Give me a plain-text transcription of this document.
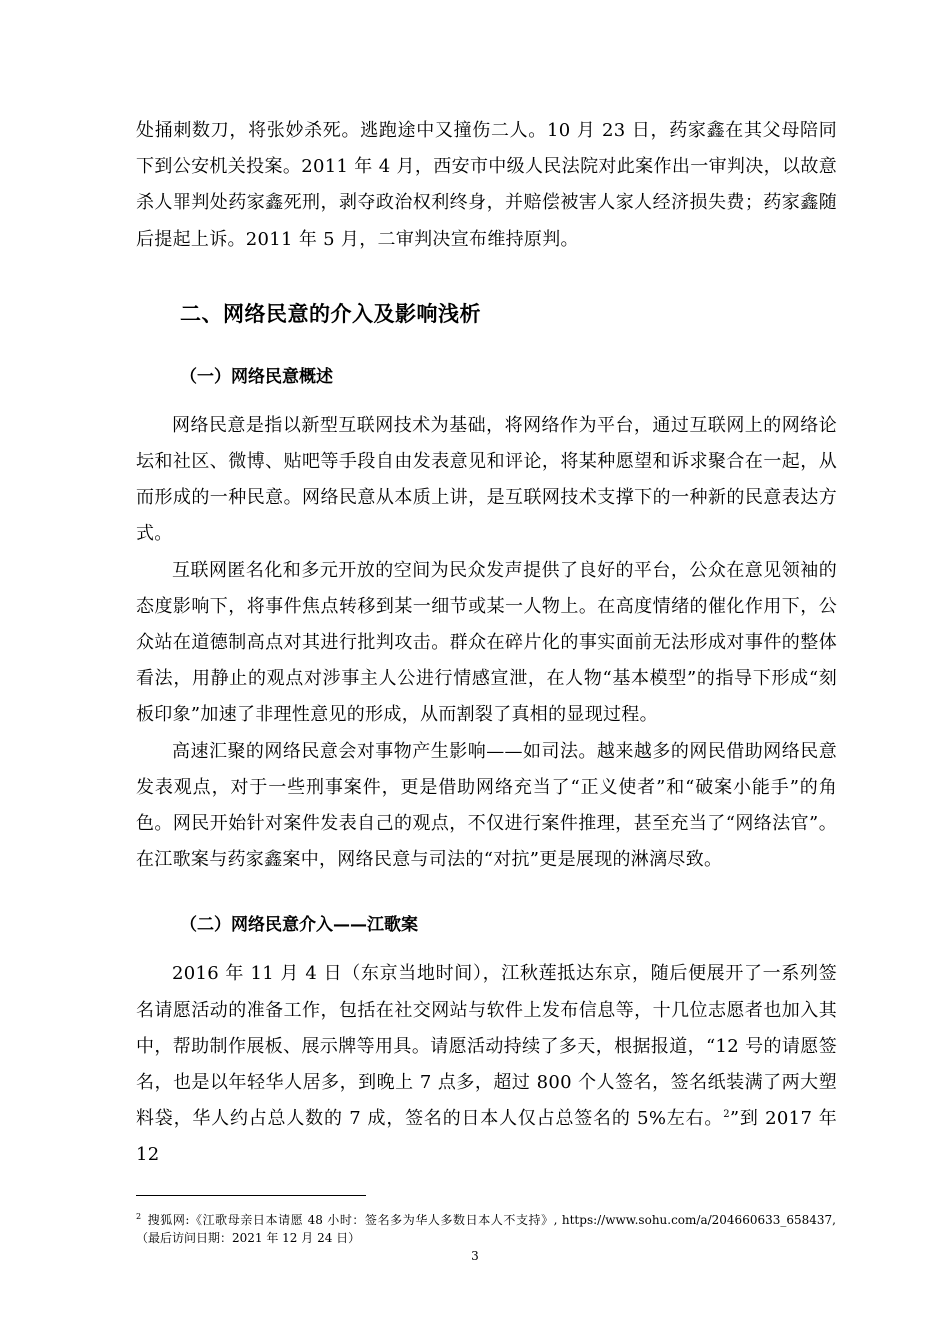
处捅刺数刀，将张妙杀死。逃跑途中又撞伤二人。10 月 23 日，药家鑫在其父母陪同下到公安机关投案。2011 年 4 月，西安市中级人民法院对此案作出一审判决，以故意杀人罪判处药家鑫死刑，剥夺政治权利终身，并赔偿被害人家人经济损失费；药家鑫随后提起上诉。2011 年 5 月，二审判决宣布维持原判。

二、网络民意的介入及影响浅析
（一）网络民意概述

网络民意是指以新型互联网技术为基础，将网络作为平台，通过互联网上的网络论坛和社区、微博、贴吧等手段自由发表意见和评论，将某种愿望和诉求聚合在一起，从而形成的一种民意。网络民意从本质上讲，是互联网技术支撑下的一种新的民意表达方式。

互联网匿名化和多元开放的空间为民众发声提供了良好的平台，公众在意见领袖的态度影响下，将事件焦点转移到某一细节或某一人物上。在高度情绪的催化作用下，公众站在道德制高点对其进行批判攻击。群众在碎片化的事实面前无法形成对事件的整体看法，用静止的观点对涉事主人公进行情感宣泄，在人物“基本模型”的指导下形成“刻板印象”加速了非理性意见的形成，从而割裂了真相的显现过程。

高速汇聚的网络民意会对事物产生影响——如司法。越来越多的网民借助网络民意发表观点，对于一些刑事案件，更是借助网络充当了“正义使者”和“破案小能手”的角色。网民开始针对案件发表自己的观点，不仅进行案件推理，甚至充当了“网络法官”。在江歌案与药家鑫案中，网络民意与司法的“对抗”更是展现的淋漓尽致。

（二）网络民意介入——江歌案

2016 年 11 月 4 日（东京当地时间），江秋莲抵达东京，随后便展开了一系列签名请愿活动的准备工作，包括在社交网站与软件上发布信息等，十几位志愿者也加入其中，帮助制作展板、展示牌等用具。请愿活动持续了多天，根据报道，“12 号的请愿签名，也是以年轻华人居多，到晚上 7 点多，超过 800 个人签名，签名纸装满了两大塑料袋，华人约占总人数的 7 成，签名的日本人仅占总签名的 5%左右。$^2$”到 2017 年 12

$^2$ 搜狐网:《江歌母亲日本请愿 48 小时：签名多为华人多数日本人不支持》, https://www.sohu.com/a/204660633_658437,（最后访问日期：2021 年 12 月 24 日）
3
